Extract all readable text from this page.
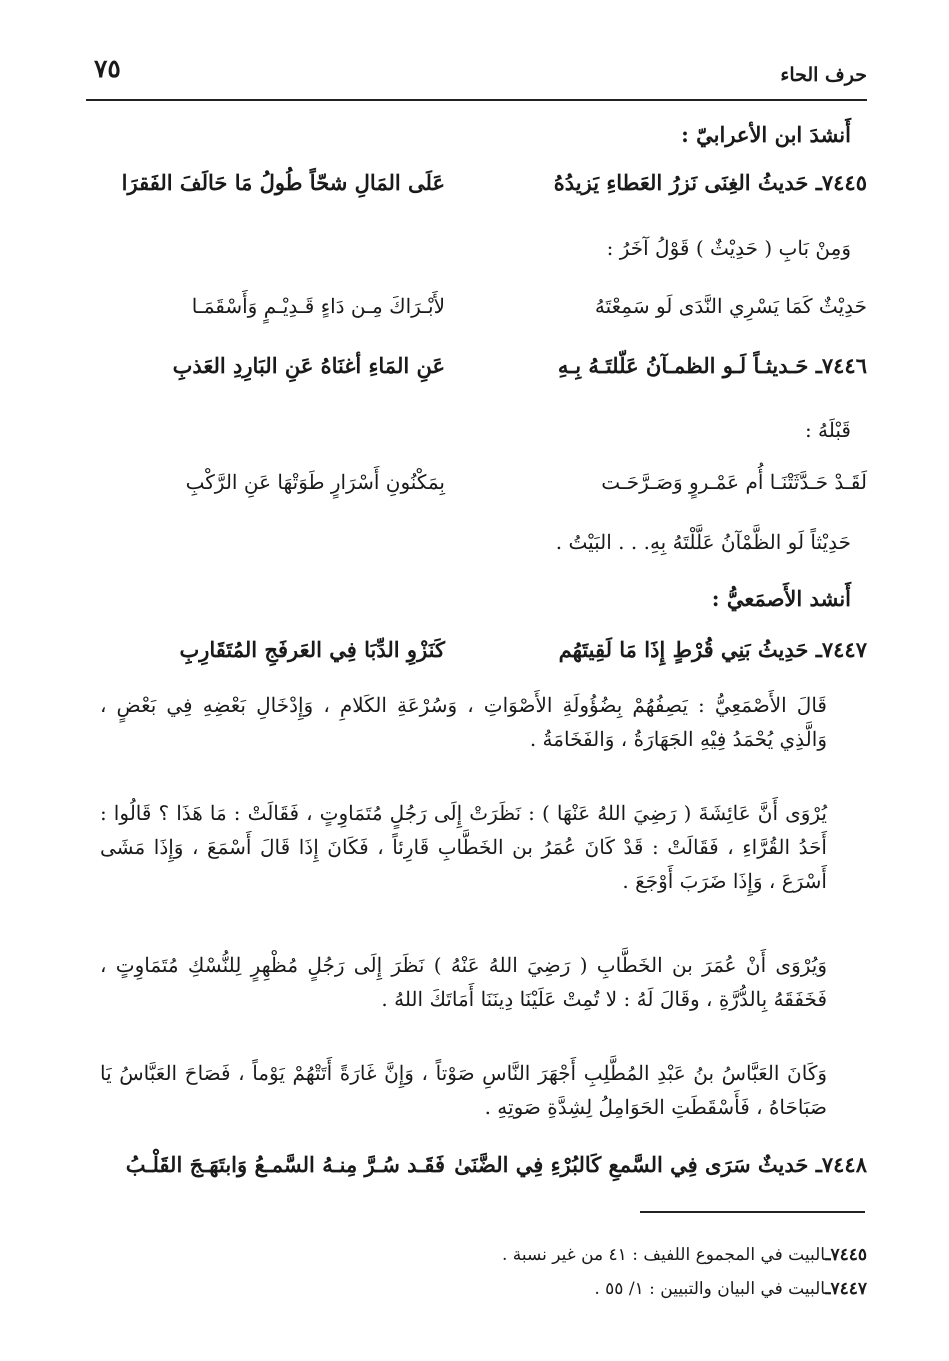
حرف الحاء
٧٥
أَنشدَ ابن الأعرابيّ :
٧٤٤٥ـ حَديثُ الغِنَى نَزرُ العَطاءِ يَزيدُهُ
عَلَى المَالِ شحّاً طُولُ مَا حَالَفَ الفَقرَا
وَمِنْ بَابِ ( حَدِيْثٌ ) قَوْلُ آخَرُ :
حَدِيْثٌ كَمَا يَسْرِي النَّدَى لَو سَمِعْتَهُ
لأَبْـرَاكَ مِـن دَاءٍ قَـدِيْـمٍ وَأَسْقَمَـا
٧٤٤٦ـ حَـديثـاً لَـو الظمـآنُ عَلّلتَـهُ بِـهِ
عَنِ المَاءِ أغنَاهُ عَنِ البَارِدِ العَذبِ
قَبْلَهُ :
لَقَـدْ حَـدَّثَتْنَـا أُم عَمْـروٍ وَصَـرَّحَـت
بِمَكْنُونِ أَسْرَارٍ طَوَتْهَا عَنِ الرَّكْبِ
حَدِيْثاً لَو الظَّمْآنُ عَلَّلْتَهُ بِهِ. . . البَيْتُ .
أَنشد الأَصمَعيُّ :
٧٤٤٧ـ حَدِيثُ بَنِي قُرْطٍ إِذَا مَا لَقِيتَهُم
كَنَزْوِ الدِّبَا فِي العَرفَجِ المُتَقَارِبِ
قَالَ الأَصْمَعِيُّ : يَصِفُهُمْ بِضُؤُولَةِ الأَصْوَاتِ ، وَسُرْعَةِ الكَلامِ ، وَإِدْخَالِ بَعْضِهِ فِي بَعْضٍ ، وَالَّذِي يُحْمَدُ فِيْهِ الجَهَارَةُ ، وَالفَخَامَةُ .
يُرْوَى أَنَّ عَائِشَةَ ( رَضِيَ اللهُ عَنْهَا ) : نَظَرَتْ إِلَى رَجُلٍ مُتَمَاوِتٍ ، فَقَالَتْ : مَا هَذَا ؟ قَالُوا : أَحَدُ القُرَّاءِ ، فَقَالَتْ : قَدْ كَانَ عُمَرُ بن الخَطَّابِ قَارِئاً ، فَكَانَ إِذَا قَالَ أَسْمَعَ ، وَإِذَا مَشَى أَسْرَعَ ، وَإِذَا ضَرَبَ أَوْجَعَ .
وَيُرْوَى أَنْ عُمَرَ بن الخَطَّابِ ( رَضِيَ اللهُ عَنْهُ ) نَظَرَ إِلَى رَجُلٍ مُظْهِرٍ لِلنُّسْكِ مُتَمَاوِتٍ ، فَخَفَقَهُ بِالدُّرَّةِ ، وقَالَ لَهُ : لا تُمِتْ عَلَيْنَا دِينَنَا أَمَاتَكَ اللهُ .
وَكَانَ العَبَّاسُ بنُ عَبْدِ المُطَّلِبِ أَجْهَرَ النَّاسِ صَوْتاً ، وَإِنَّ غَارَةً أَتَتْهُمْ يَوْماً ، فَصَاحَ العَبَّاسُ يَا صَبَاحَاهُ ، فَأَسْقَطَتِ الحَوَامِلُ لِشِدَّةِ صَوتِهِ .
٧٤٤٨ـ حَديثٌ سَرَى فِي السَّمعِ كَالبُرْءِ فِي الضَّنَىٰ
فَقَـد سُـرَّ مِنـهُ السَّمـعُ وَابتَهَـجَ القَلْـبُ
٧٤٤٥ـالبيت في المجموع اللفيف : ٤١ من غير نسبة .
٧٤٤٧ـالبيت في البيان والتبيين : ١/ ٥٥ .
